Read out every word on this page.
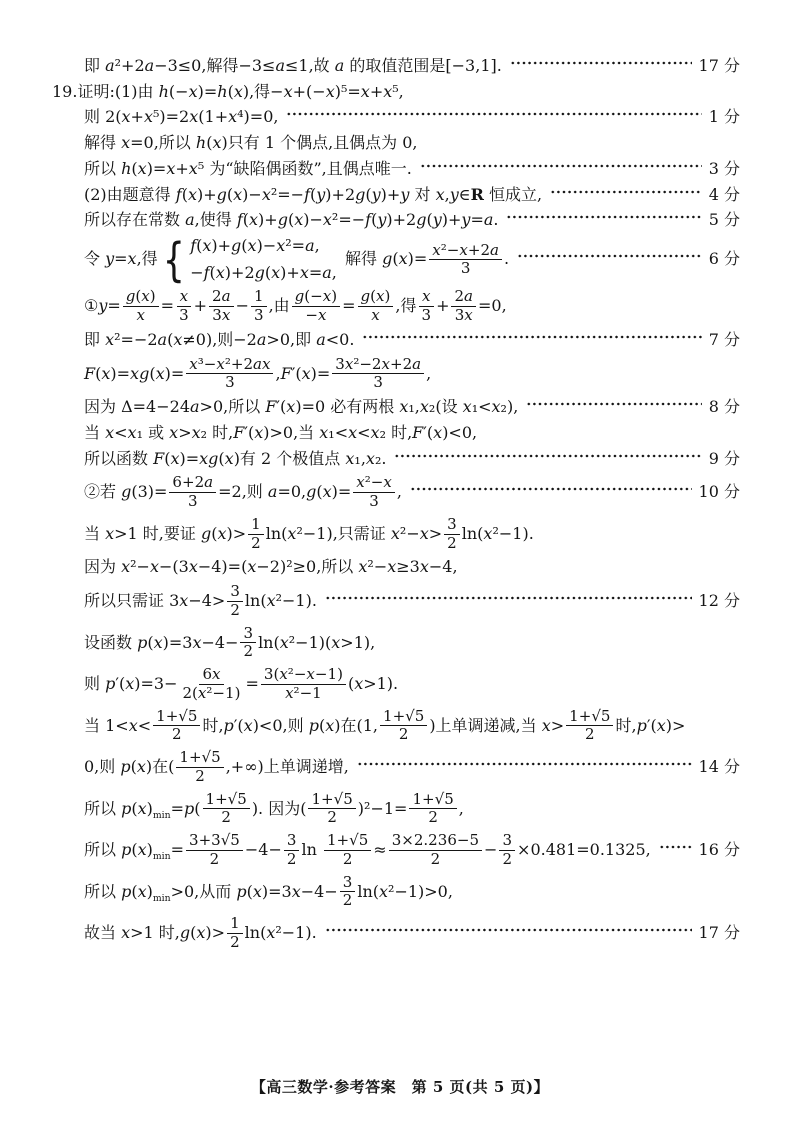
即 a²+2a−3≤0,解得−3≤a≤1,故 a 的取值范围是[−3,1].	17 分
19.证明:(1)由 h(−x)=h(x),得−x+(−x)⁵=x+x⁵,
则 2(x+x⁵)=2x(1+x⁴)=0,	1 分
解得 x=0,所以 h(x)只有 1 个偶点,且偶点为 0,
所以 h(x)=x+x⁵ 为“缺陷偶函数”,且偶点唯一.	3 分
(2)由题意得 f(x)+g(x)−x²=−f(y)+2g(y)+y 对 x,y∈R 恒成立,	4 分
所以存在常数 a,使得 f(x)+g(x)−x²=−f(y)+2g(y)+y=a.	5 分
令 y=x,得 { f(x)+g(x)−x²=a,
−f(x)+2g(x)+x=a,
解得 $g(x)= \frac{\text{x²−x+2a}}{3}$ .	6 分
①y= $\frac{g(x)}{x} = \frac{x}{3} + \frac{2a}{3x} - \frac{1}{3}$ ,由 $\frac{g(-x)}{-x} = \frac{g(x)}{x}$ ,得 $\frac{x}{3} + \frac{2a}{3x} =0$,
即 x²=−2a(x≠0),则−2a>0,即 a<0.	7 分
$F(x)=xg(x)= \frac{\text{x³−x²+2ax}}{3} ,F'(x)= \frac{\text{3x²−2x+2a}}{3}$ ,
因为 Δ=4−24a>0,所以 F′(x)=0 必有两根 x₁,x₂(设 x₁<x₂),	8 分
当 x<x₁ 或 x>x₂ 时,F′(x)>0,当 x₁<x<x₂ 时,F′(x)<0,
所以函数 F(x)=xg(x)有 2 个极值点 x₁,x₂.	9 分
②若 $g(3)= \frac{6+2a}{3} =2$,则 $a=0,g(x)= \frac{\text{x²−x}}{3}$ ,	10 分
当 x>1 时,要证 $g(x)> \frac{1}{2} \ln(x^2-1)$,只需证 $x^2-x> \frac{3}{2} \ln(x^2-1)$.
因为 x²−x−(3x−4)=(x−2)²≥0,所以 x²−x≥3x−4,
所以只需证 $3x-4> \frac{3}{2} \ln(x^2-1)$.	12 分
设函数 $p(x)=3x-4- \frac{3}{2} \ln(x^2-1)(x>1)$,
则 $p'(x)=3- \frac{6x}{\text{2(x²−1)}} = \frac{\text{3(x²−x−1)}}{\text{x²−1}} (x>1)$.
当 $1<x< \frac{1+√5}{2}$ 时,p′(x)<0,则 p(x)在(1, $\frac{1+√5}{2}$ )上单调递减,当 $x> \frac{1+√5}{2}$ 时,p′(x)>
0,则 p(x)在( $\frac{1+√5}{2}$ ,+∞)上单调递增,	14 分
所以 $p(x)_{min}=p( \frac{1+√5}{2}$ ). 因为( $\frac{1+√5}{2} )^2-1= \frac{1+√5}{2}$ ,
所以 $p(x)_{min}= \frac{3+3√5}{2} -4- \frac{3}{2}$ $\ln \frac{1+√5}{2} \approx \frac{3\times 2.236-5}{2} - \frac{3}{2} \times 0.481=0.1325$,	16 分
所以 $p(x)_{min}>0$,从而 $p(x)=3x-4- \frac{3}{2} \ln(x^2-1)>0$,
故当 x>1 时$,g(x)> \frac{1}{2} \ln(x^2-1)$.	17 分
【高三数学·参考答案　第 5 页(共 5 页)】
